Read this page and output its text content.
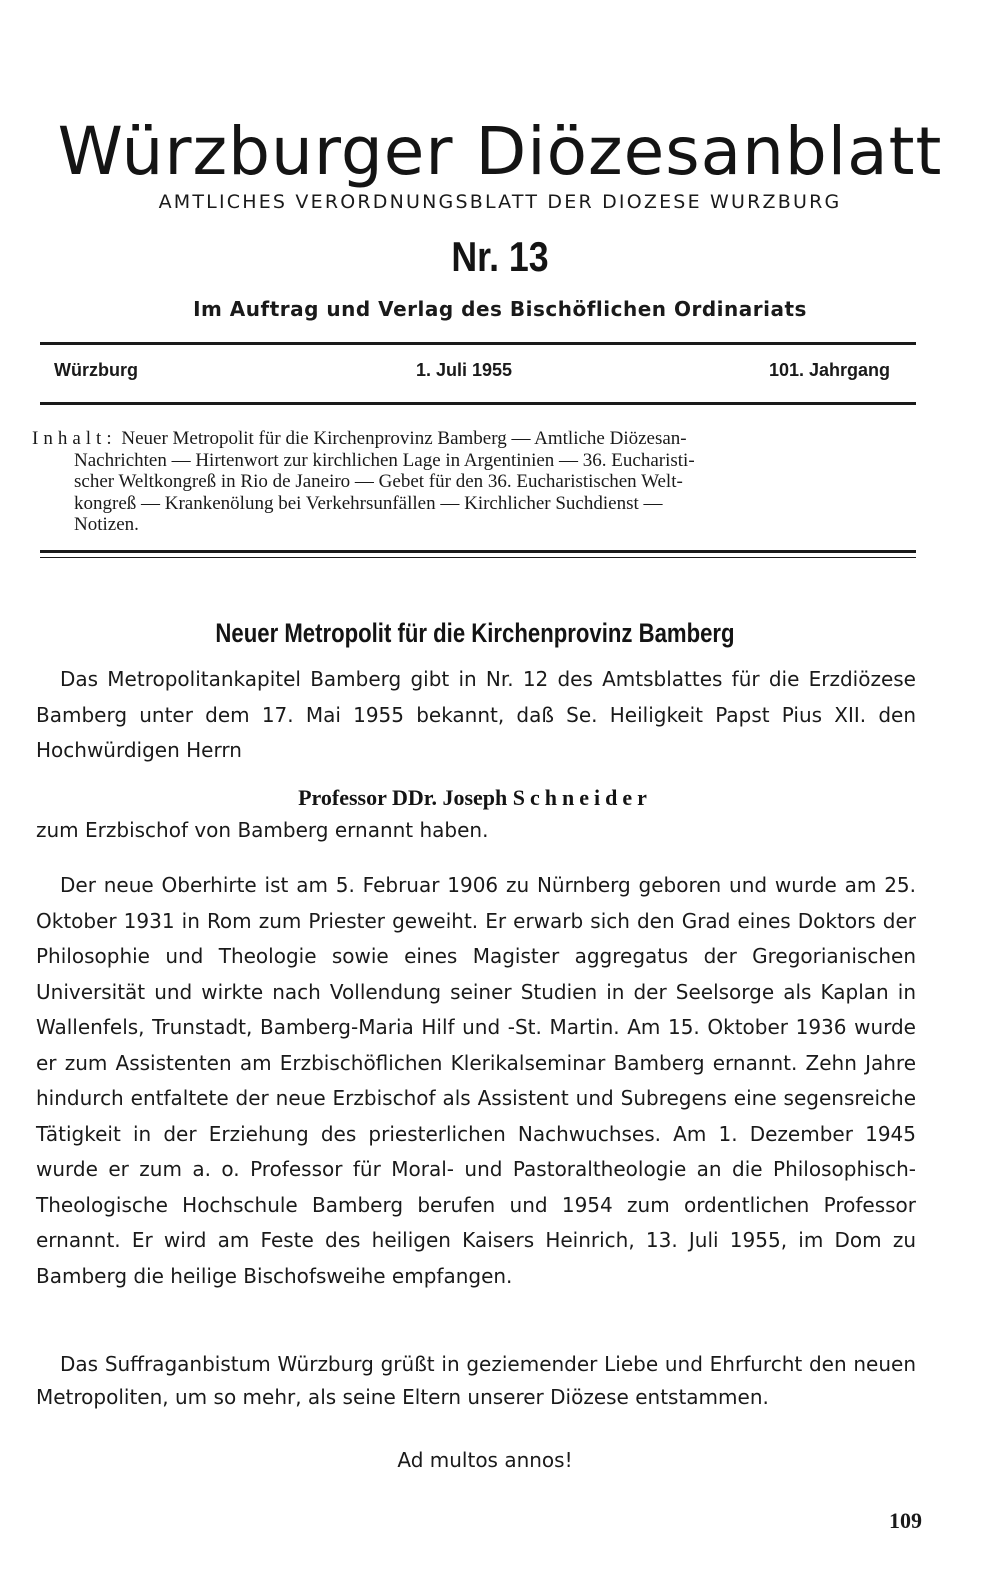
Würzburger Diözesanblatt
AMTLICHES VERORDNUNGSBLATT DER DIOZESE WURZBURG
Nr. 13
Im Auftrag und Verlag des Bischöflichen Ordinariats
Würzburg	1. Juli 1955	101. Jahrgang
Inhalt: Neuer Metropolit für die Kirchenprovinz Bamberg — Amtliche Diözesan-
Nachrichten — Hirtenwort zur kirchlichen Lage in Argentinien — 36. Eucharisti-
scher Weltkongreß in Rio de Janeiro — Gebet für den 36. Eucharistischen Welt-
kongreß — Krankenölung bei Verkehrsunfällen — Kirchlicher Suchdienst —
Notizen.
Neuer Metropolit für die Kirchenprovinz Bamberg

Das Metropolitankapitel Bamberg gibt in Nr. 12 des Amtsblattes für die Erzdiözese Bamberg unter dem 17. Mai 1955 bekannt, daß Se. Heiligkeit Papst Pius XII. den Hochwürdigen Herrn

Professor DDr. Joseph Schneider
zum Erzbischof von Bamberg ernannt haben.

Der neue Oberhirte ist am 5. Februar 1906 zu Nürnberg geboren und wurde am 25. Oktober 1931 in Rom zum Priester geweiht. Er erwarb sich den Grad eines Doktors der Philosophie und Theologie sowie eines Magister aggregatus der Gregorianischen Universität und wirkte nach Vollendung seiner Studien in der Seelsorge als Kaplan in Wallenfels, Trunstadt, Bamberg-Maria Hilf und -St. Martin. Am 15. Oktober 1936 wurde er zum Assistenten am Erzbischöflichen Klerikalseminar Bamberg ernannt. Zehn Jahre hindurch entfaltete der neue Erzbischof als Assistent und Subregens eine segensreiche Tätigkeit in der Erziehung des priesterlichen Nachwuchses. Am 1. Dezember 1945 wurde er zum a. o. Professor für Moral- und Pastoraltheologie an die Philosophisch-Theologische Hochschule Bamberg berufen und 1954 zum ordentlichen Professor ernannt. Er wird am Feste des heiligen Kaisers Heinrich, 13. Juli 1955, im Dom zu Bamberg die heilige Bischofsweihe empfangen.

Das Suffraganbistum Würzburg grüßt in geziemender Liebe und Ehrfurcht den neuen Metropoliten, um so mehr, als seine Eltern unserer Diözese entstammen.

Ad multos annos!
109
